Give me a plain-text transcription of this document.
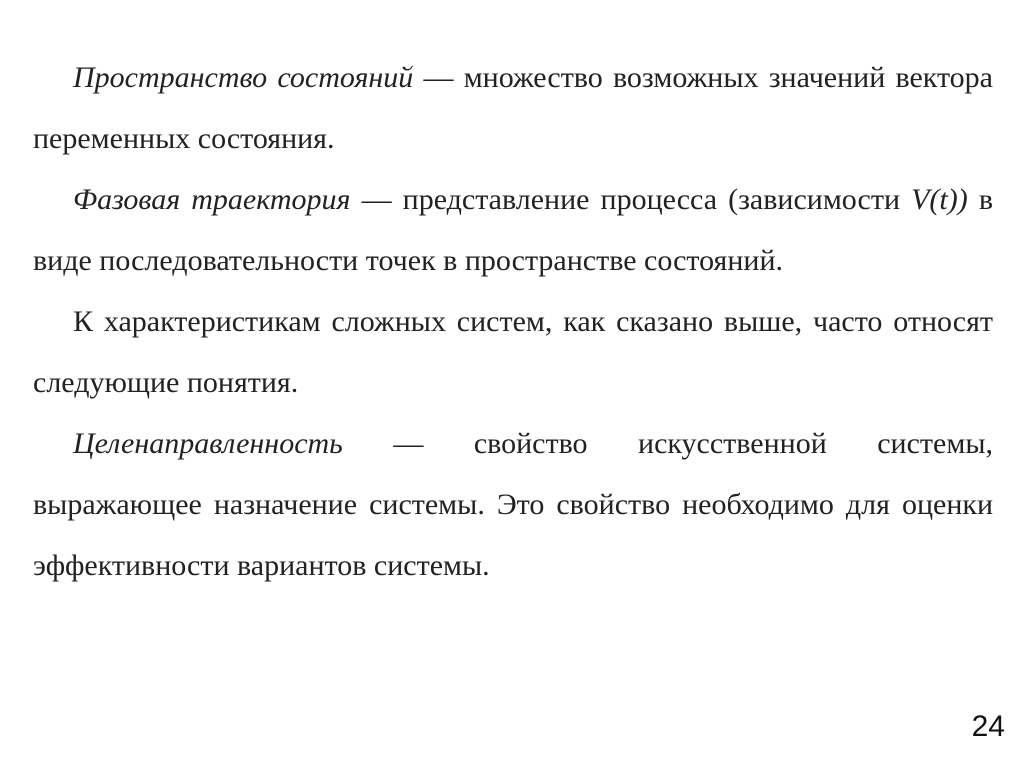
Пространство состояний — множество возможных значений вектора переменных состояния.

Фазовая траектория — представление процесса (зависимости V(t)) в виде последовательности точек в пространстве состояний.

К характеристикам сложных систем, как сказано выше, часто относят следующие понятия.

Целенаправленность — свойство искусственной системы, выражающее назначение системы. Это свойство необходимо для оценки эффективности вариантов системы.

24
